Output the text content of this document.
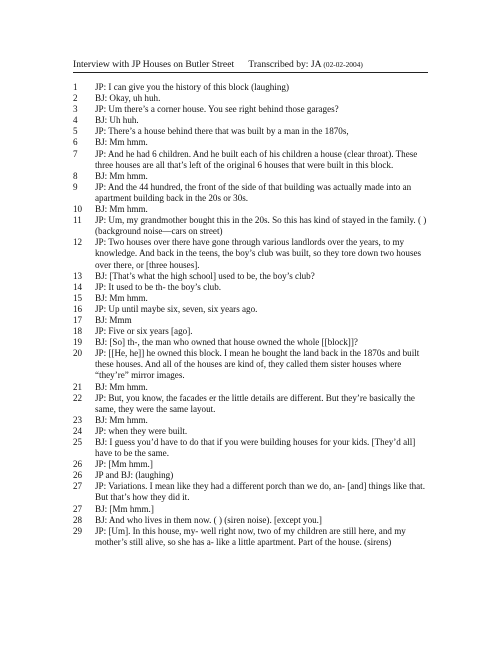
Interview with JP Houses on Butler Street Transcribed by: JA (02-02-2004)
1	JP: I can give you the history of this block (laughing)
2	BJ: Okay, uh huh.
3	JP: Um there’s a corner house. You see right behind those garages?
4	BJ: Uh huh.
5	JP: There’s a house behind there that was built by a man in the 1870s,
6	BJ: Mm hmm.
7	JP: And he had 6 children. And he built each of his children a house (clear throat). These three houses are all that’s left of the original 6 houses that were built in this block.
8	BJ: Mm hmm.
9	JP: And the 44 hundred, the front of the side of that building was actually made into an apartment building back in the 20s or 30s.
10	BJ: Mm hmm.
11	JP: Um, my grandmother bought this in the 20s. So this has kind of stayed in the family. ( ) (background noise—cars on street)
12	JP: Two houses over there have gone through various landlords over the years, to my knowledge. And back in the teens, the boy’s club was built, so they tore down two houses over there, or [three houses].
13	BJ: [That’s what the high school] used to be, the boy’s club?
14	JP: It used to be th- the boy’s club.
15	BJ: Mm hmm.
16	JP: Up until maybe six, seven, six years ago.
17	BJ: Mmm
18	JP: Five or six years [ago].
19	BJ: [So] th-, the man who owned that house owned the whole [[block]]?
20	JP: [[He, he]] he owned this block. I mean he bought the land back in the 1870s and built these houses. And all of the houses are kind of, they called them sister houses where “they’re” mirror images.
21	BJ: Mm hmm.
22	JP: But, you know, the facades er the little details are different. But they’re basically the same, they were the same layout.
23	BJ: Mm hmm.
24	JP: when they were built.
25	BJ: I guess you’d have to do that if you were building houses for your kids. [They’d all] have to be the same.
26	JP: [Mm hmm.]
26	JP and BJ: (laughing)
27	JP: Variations. I mean like they had a different porch than we do, an- [and] things like that. But that’s how they did it.
27	BJ: [Mm hmm.]
28	BJ: And who lives in them now. ( ) (siren noise). [except you.]
29	JP: [Um]. In this house, my- well right now, two of my children are still here, and my mother’s still alive, so she has a- like a little apartment. Part of the house. (sirens)
